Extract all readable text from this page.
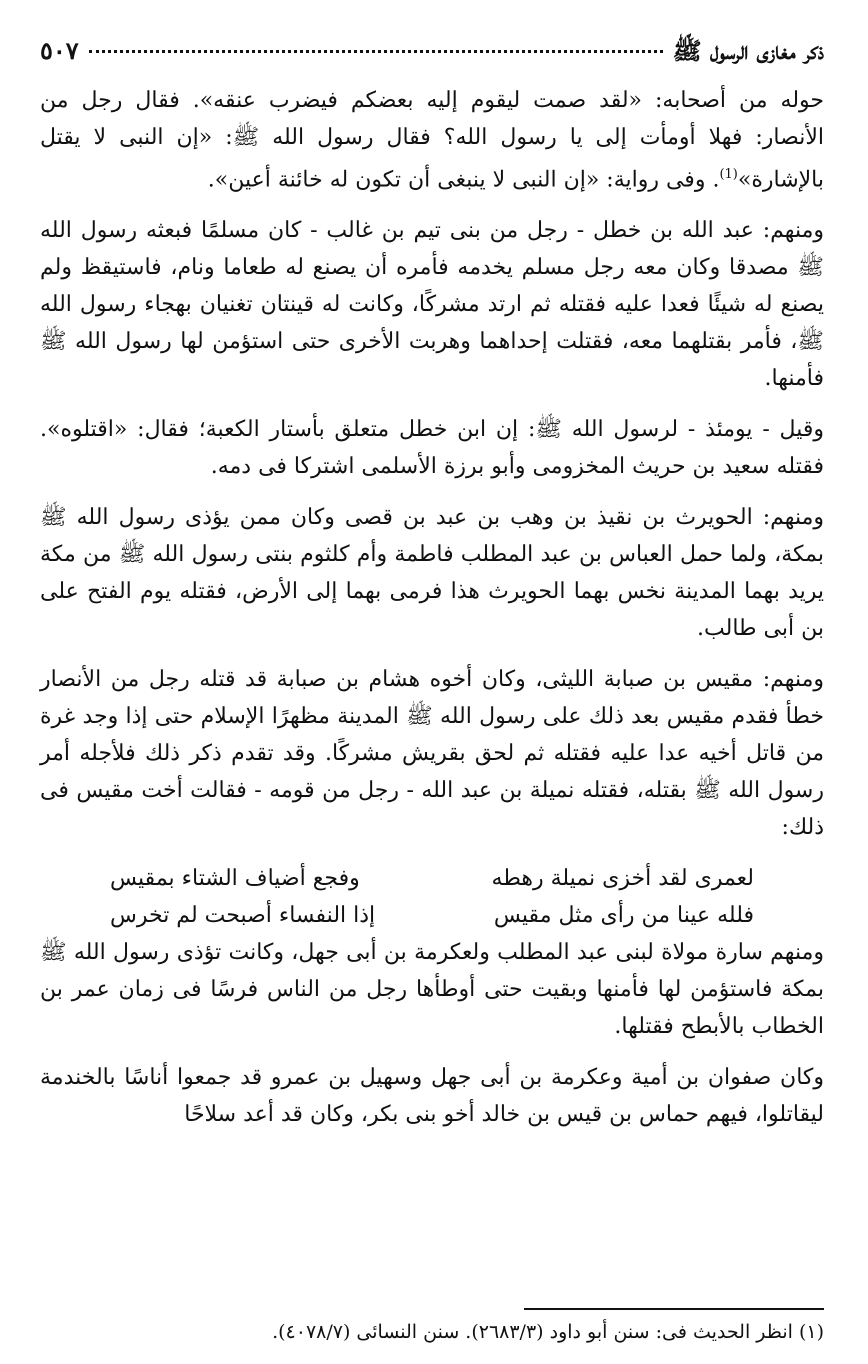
ذكر مغازى الرسول ﷺ
٥٠٧

حوله من أصحابه: «لقد صمت ليقوم إليه بعضكم فيضرب عنقه». فقال رجل من الأنصار: فهلا أومأت إلى يا رسول الله؟ فقال رسول الله ﷺ: «إن النبى لا يقتل بالإشارة»$^{(1)}$. وفى رواية: «إن النبى لا ينبغى أن تكون له خائنة أعين».

ومنهم: عبد الله بن خطل - رجل من بنى تيم بن غالب - كان مسلمًا فبعثه رسول الله ﷺ مصدقا وكان معه رجل مسلم يخدمه فأمره أن يصنع له طعاما ونام، فاستيقظ ولم يصنع له شيئًا فعدا عليه فقتله ثم ارتد مشركًا، وكانت له قينتان تغنيان بهجاء رسول الله ﷺ، فأمر بقتلهما معه، فقتلت إحداهما وهربت الأخرى حتى استؤمن لها رسول الله ﷺ فأمنها.

وقيل - يومئذ - لرسول الله ﷺ: إن ابن خطل متعلق بأستار الكعبة؛ فقال: «اقتلوه». فقتله سعيد بن حريث المخزومى وأبو برزة الأسلمى اشتركا فى دمه.

ومنهم: الحويرث بن نقيذ بن وهب بن عبد بن قصى وكان ممن يؤذى رسول الله ﷺ بمكة، ولما حمل العباس بن عبد المطلب فاطمة وأم كلثوم بنتى رسول الله ﷺ من مكة يريد بهما المدينة نخس بهما الحويرث هذا فرمى بهما إلى الأرض، فقتله يوم الفتح على بن أبى طالب.

ومنهم: مقيس بن صبابة الليثى، وكان أخوه هشام بن صبابة قد قتله رجل من الأنصار خطأ فقدم مقيس بعد ذلك على رسول الله ﷺ المدينة مظهرًا الإسلام حتى إذا وجد غرة من قاتل أخيه عدا عليه فقتله ثم لحق بقريش مشركًا. وقد تقدم ذكر ذلك فلأجله أمر رسول الله ﷺ بقتله، فقتله نميلة بن عبد الله - رجل من قومه - فقالت أخت مقيس فى ذلك:

لعمرى لقد أخزى نميلة رهطه
وفجع أضياف الشتاء بمقيس
فلله عينا من رأى مثل مقيس
إذا النفساء أصبحت لم تخرس

ومنهم سارة مولاة لبنى عبد المطلب ولعكرمة بن أبى جهل، وكانت تؤذى رسول الله ﷺ بمكة فاستؤمن لها فأمنها وبقيت حتى أوطأها رجل من الناس فرسًا فى زمان عمر بن الخطاب بالأبطح فقتلها.

وكان صفوان بن أمية وعكرمة بن أبى جهل وسهيل بن عمرو قد جمعوا أناسًا بالخندمة ليقاتلوا، فيهم حماس بن قيس بن خالد أخو بنى بكر، وكان قد أعد سلاحًا

(١) انظر الحديث فى: سنن أبو داود (٢٦٨٣/٣). سنن النسائى (٤٠٧٨/٧).
